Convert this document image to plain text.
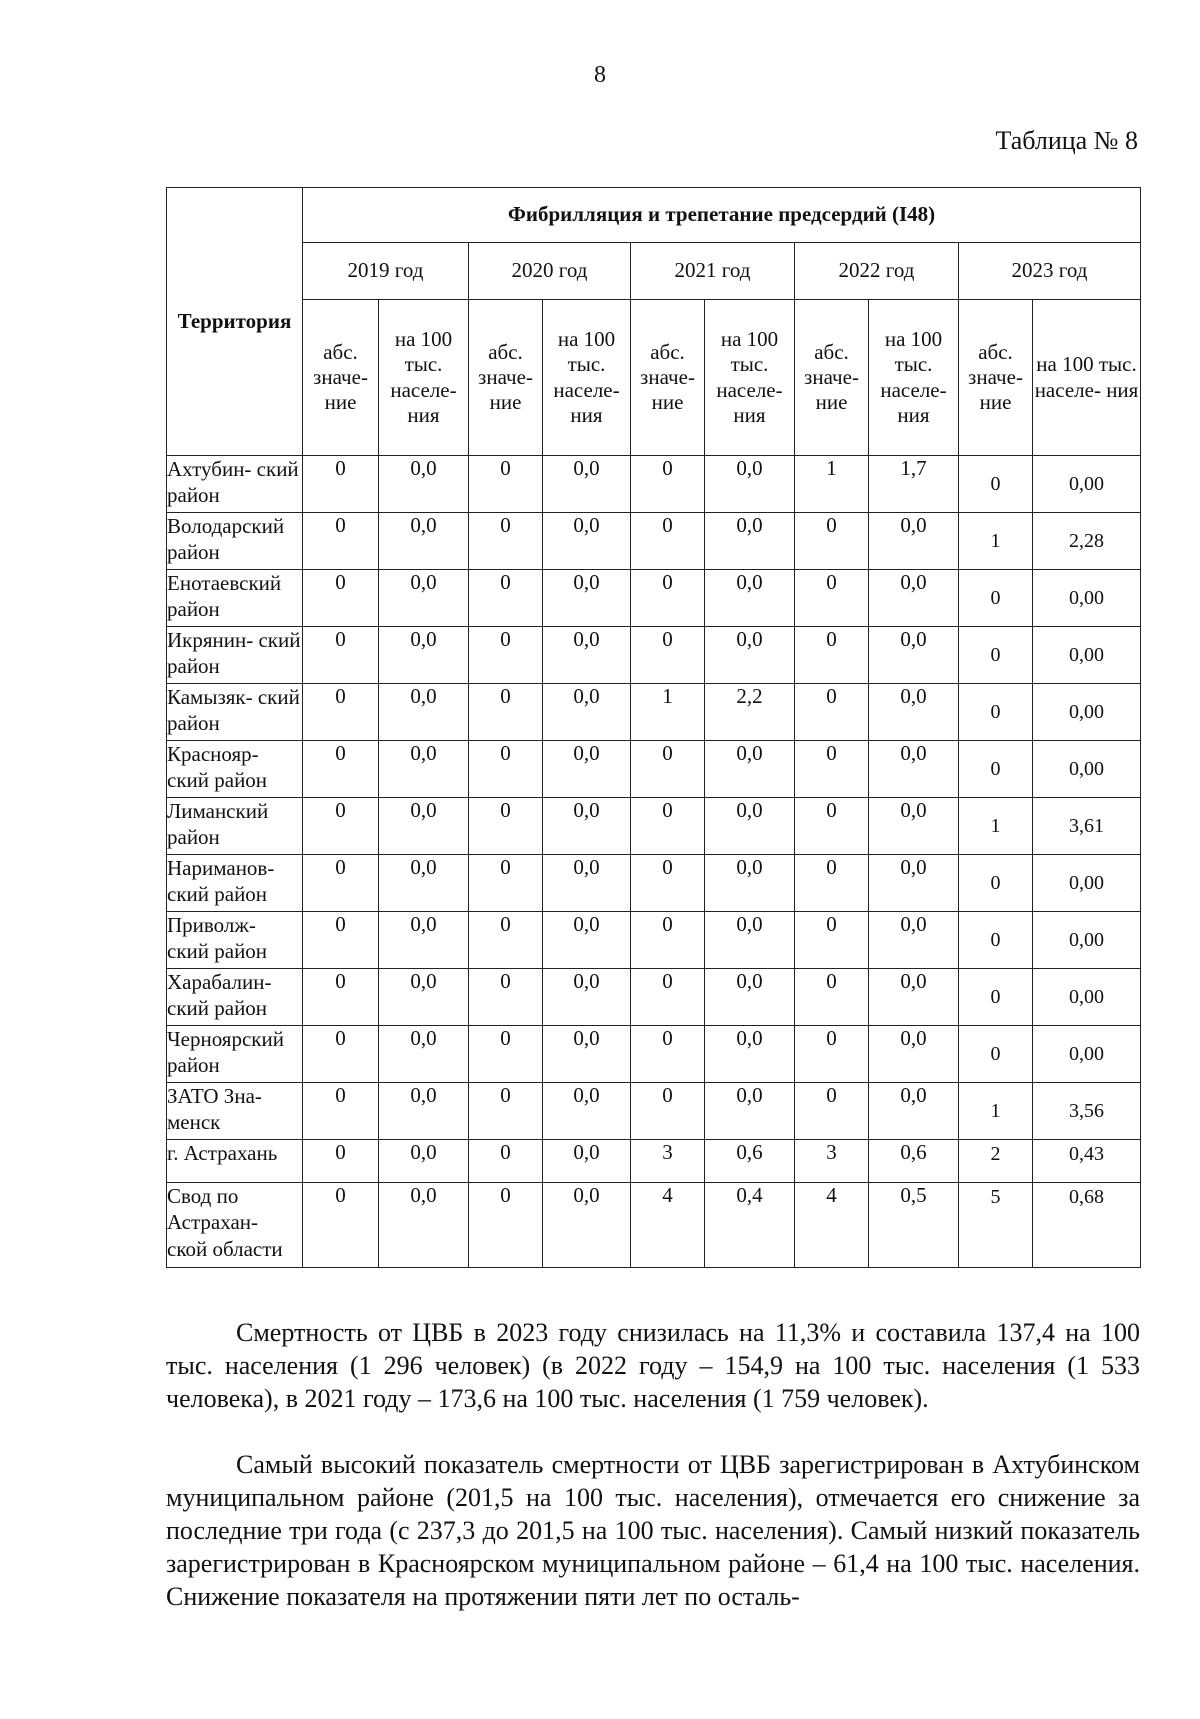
8
Таблица № 8
Территория	Фибрилляция и трепетание предсердий (I48)									
	2019 год		2020 год		2021 год		2022 год		2023 год	
	абс. значе- ние	на 100 тыс. населе- ния	абс. значе- ние	на 100 тыс. населе- ния	абс. значе- ние	на 100 тыс. населе- ния	абс. значе- ние	на 100 тыс. населе- ния	абс. значе- ние	на 100 тыс. населе- ния
Ахтубин- ский район	0	0,0	0	0,0	0	0,0	1	1,7	0	0,00
Володарский район	0	0,0	0	0,0	0	0,0	0	0,0	1	2,28
Енотаевский район	0	0,0	0	0,0	0	0,0	0	0,0	0	0,00
Икрянин- ский район	0	0,0	0	0,0	0	0,0	0	0,0	0	0,00
Камызяк- ский район	0	0,0	0	0,0	1	2,2	0	0,0	0	0,00
Краснояр- ский район	0	0,0	0	0,0	0	0,0	0	0,0	0	0,00
Лиманский район	0	0,0	0	0,0	0	0,0	0	0,0	1	3,61
Нариманов- ский район	0	0,0	0	0,0	0	0,0	0	0,0	0	0,00
Приволж- ский район	0	0,0	0	0,0	0	0,0	0	0,0	0	0,00
Харабалин- ский район	0	0,0	0	0,0	0	0,0	0	0,0	0	0,00
Черноярский район	0	0,0	0	0,0	0	0,0	0	0,0	0	0,00
ЗАТО Зна- менск	0	0,0	0	0,0	0	0,0	0	0,0	1	3,56
г. Астрахань	0	0,0	0	0,0	3	0,6	3	0,6	2	0,43
Свод по Астрахан- ской области	0	0,0	0	0,0	4	0,4	4	0,5	5	0,68

Смертность от ЦВБ в 2023 году снизилась на 11,3% и составила 137,4 на 100 тыс. населения (1 296 человек) (в 2022 году – 154,9 на 100 тыс. населения (1 533 человека), в 2021 году – 173,6 на 100 тыс. населения (1 759 человек).

Самый высокий показатель смертности от ЦВБ зарегистрирован в Ахтубинском муниципальном районе (201,5 на 100 тыс. населения), отмечается его снижение за последние три года (с 237,3 до 201,5 на 100 тыс. населения). Самый низкий показатель зарегистрирован в Красноярском муниципальном районе – 61,4 на 100 тыс. населения. Снижение показателя на протяжении пяти лет по осталь-
